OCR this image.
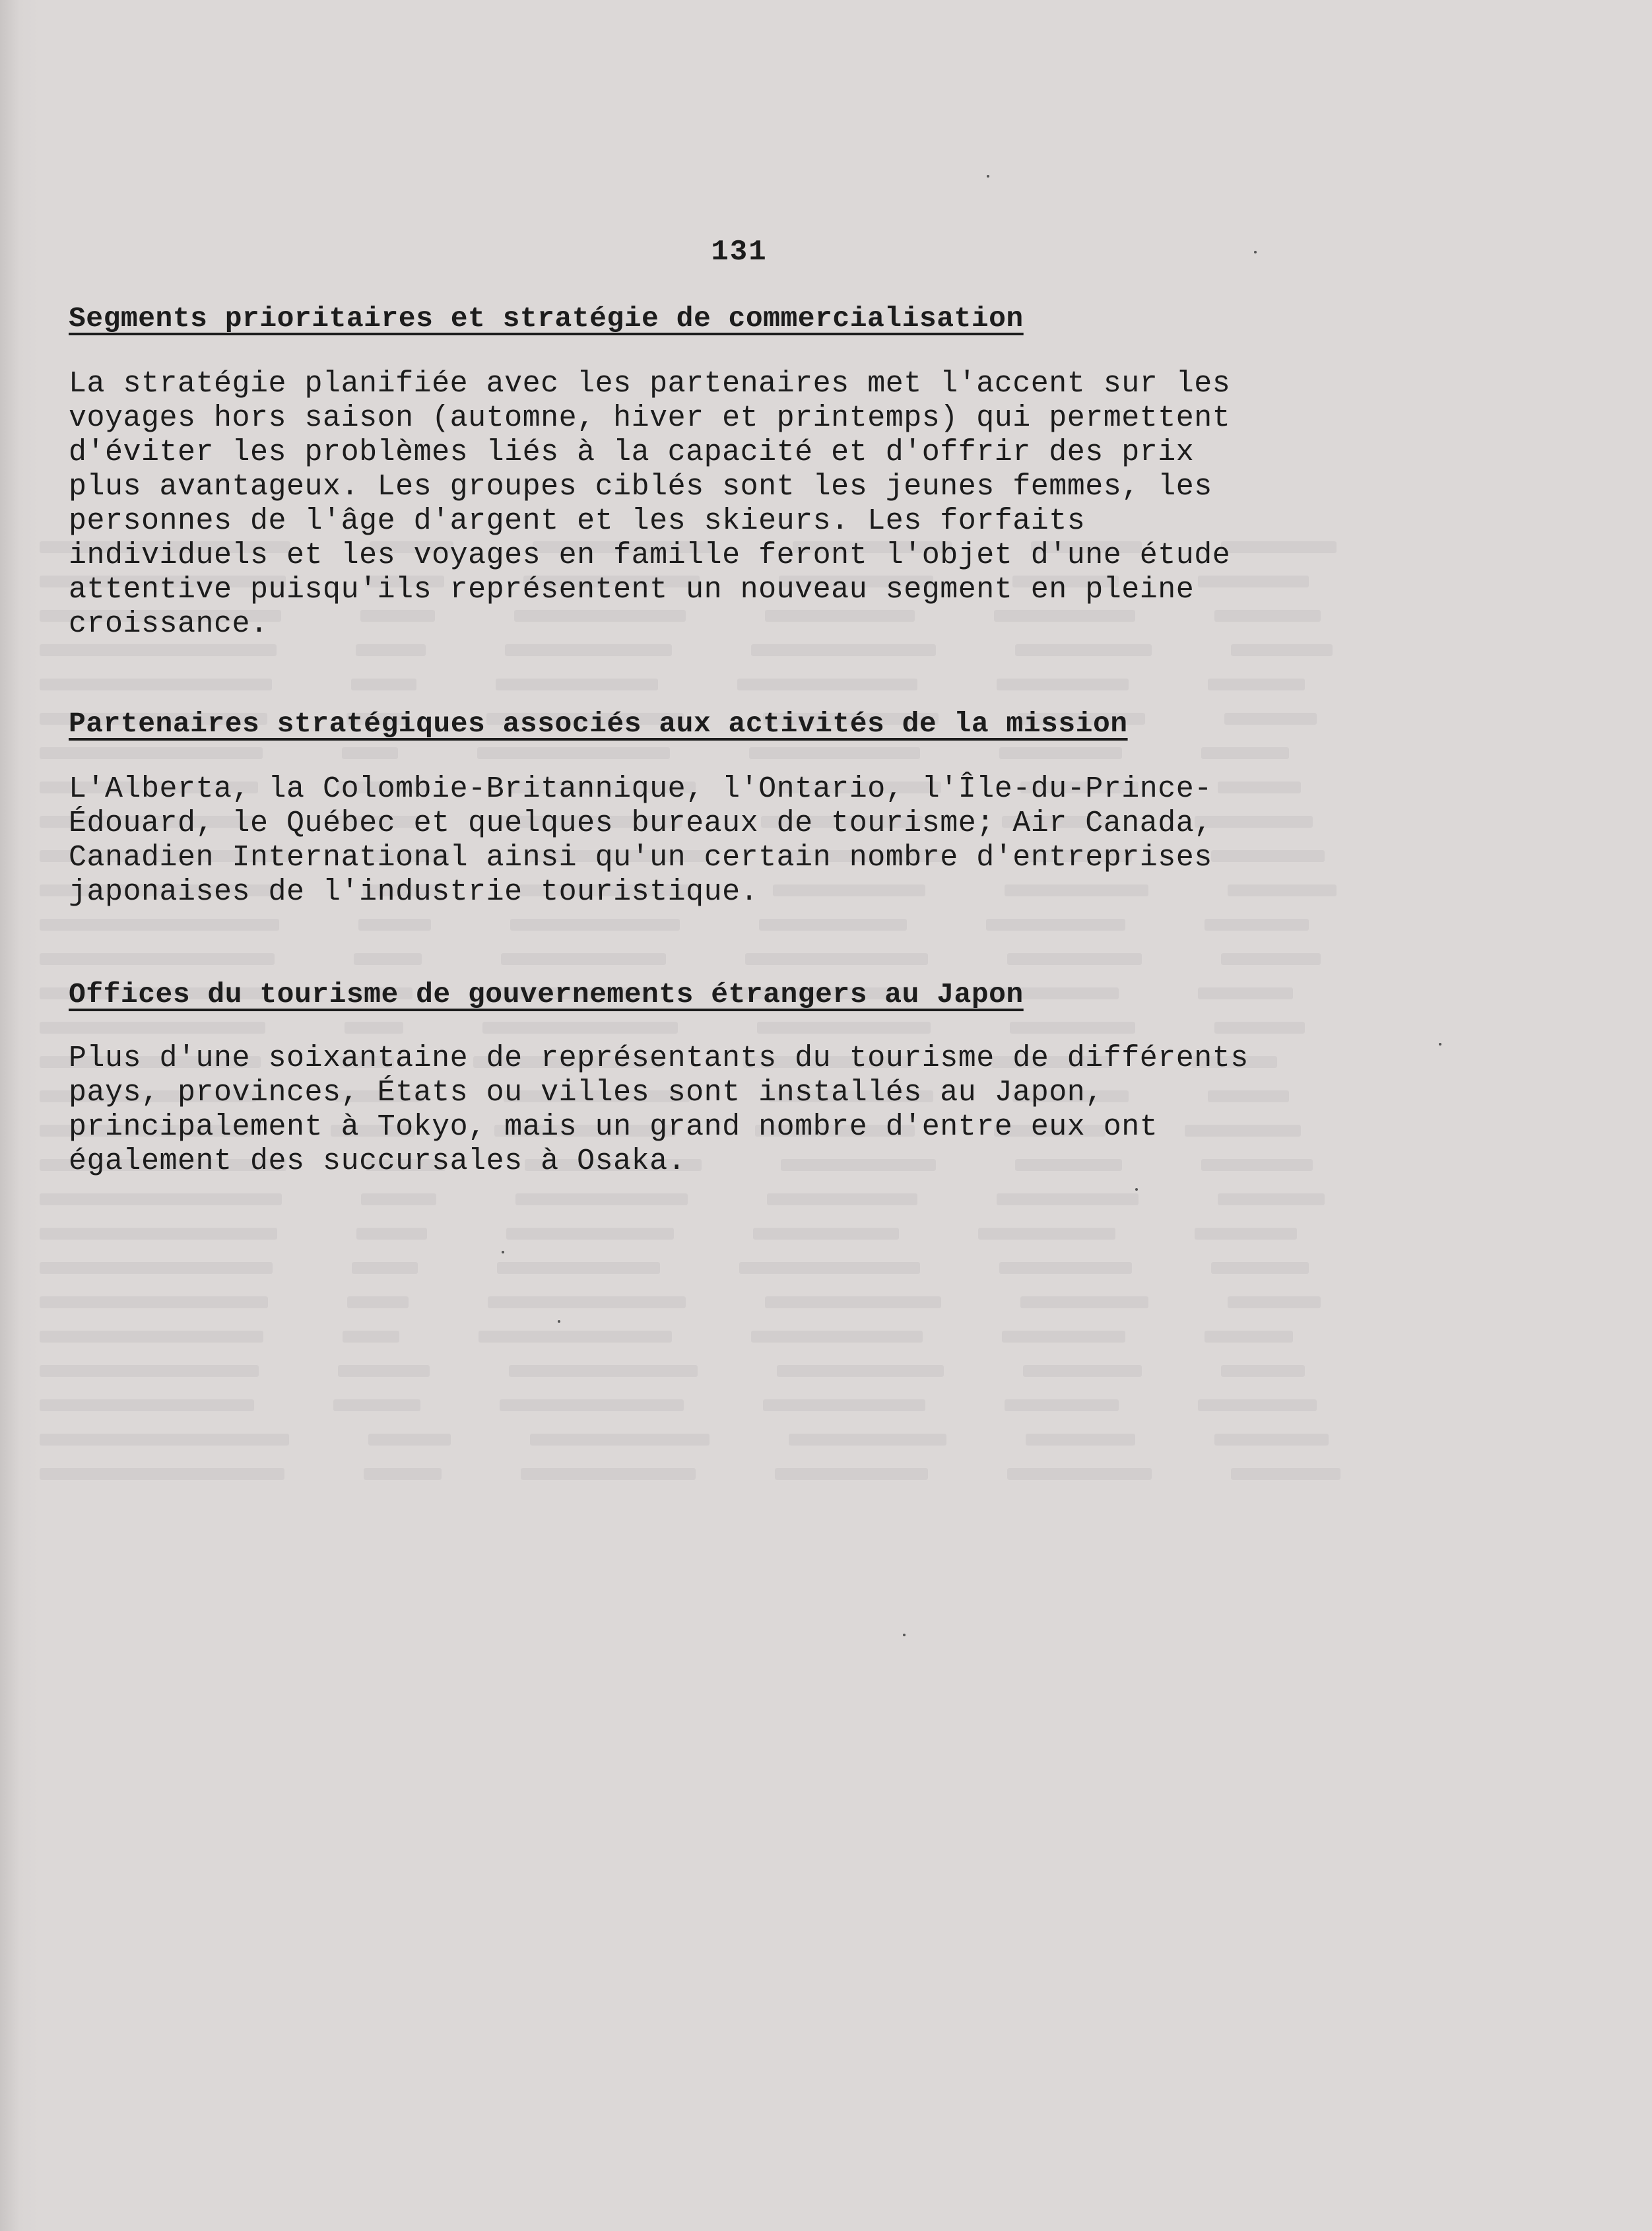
131
Segments prioritaires et stratégie de commercialisation

La stratégie planifiée avec les partenaires met l'accent sur les
voyages hors saison (automne, hiver et printemps) qui permettent
d'éviter les problèmes liés à la capacité et d'offrir des prix
plus avantageux. Les groupes ciblés sont les jeunes femmes, les
personnes de l'âge d'argent et les skieurs. Les forfaits
individuels et les voyages en famille feront l'objet d'une étude
attentive puisqu'ils représentent un nouveau segment en pleine
croissance.

Partenaires stratégiques associés aux activités de la mission

L'Alberta, la Colombie-Britannique, l'Ontario, l'Île-du-Prince-
Édouard, le Québec et quelques bureaux de tourisme; Air Canada,
Canadien International ainsi qu'un certain nombre d'entreprises
japonaises de l'industrie touristique.

Offices du tourisme de gouvernements étrangers au Japon

Plus d'une soixantaine de représentants du tourisme de différents
pays, provinces, États ou villes sont installés au Japon,
principalement à Tokyo, mais un grand nombre d'entre eux ont
également des succursales à Osaka.
